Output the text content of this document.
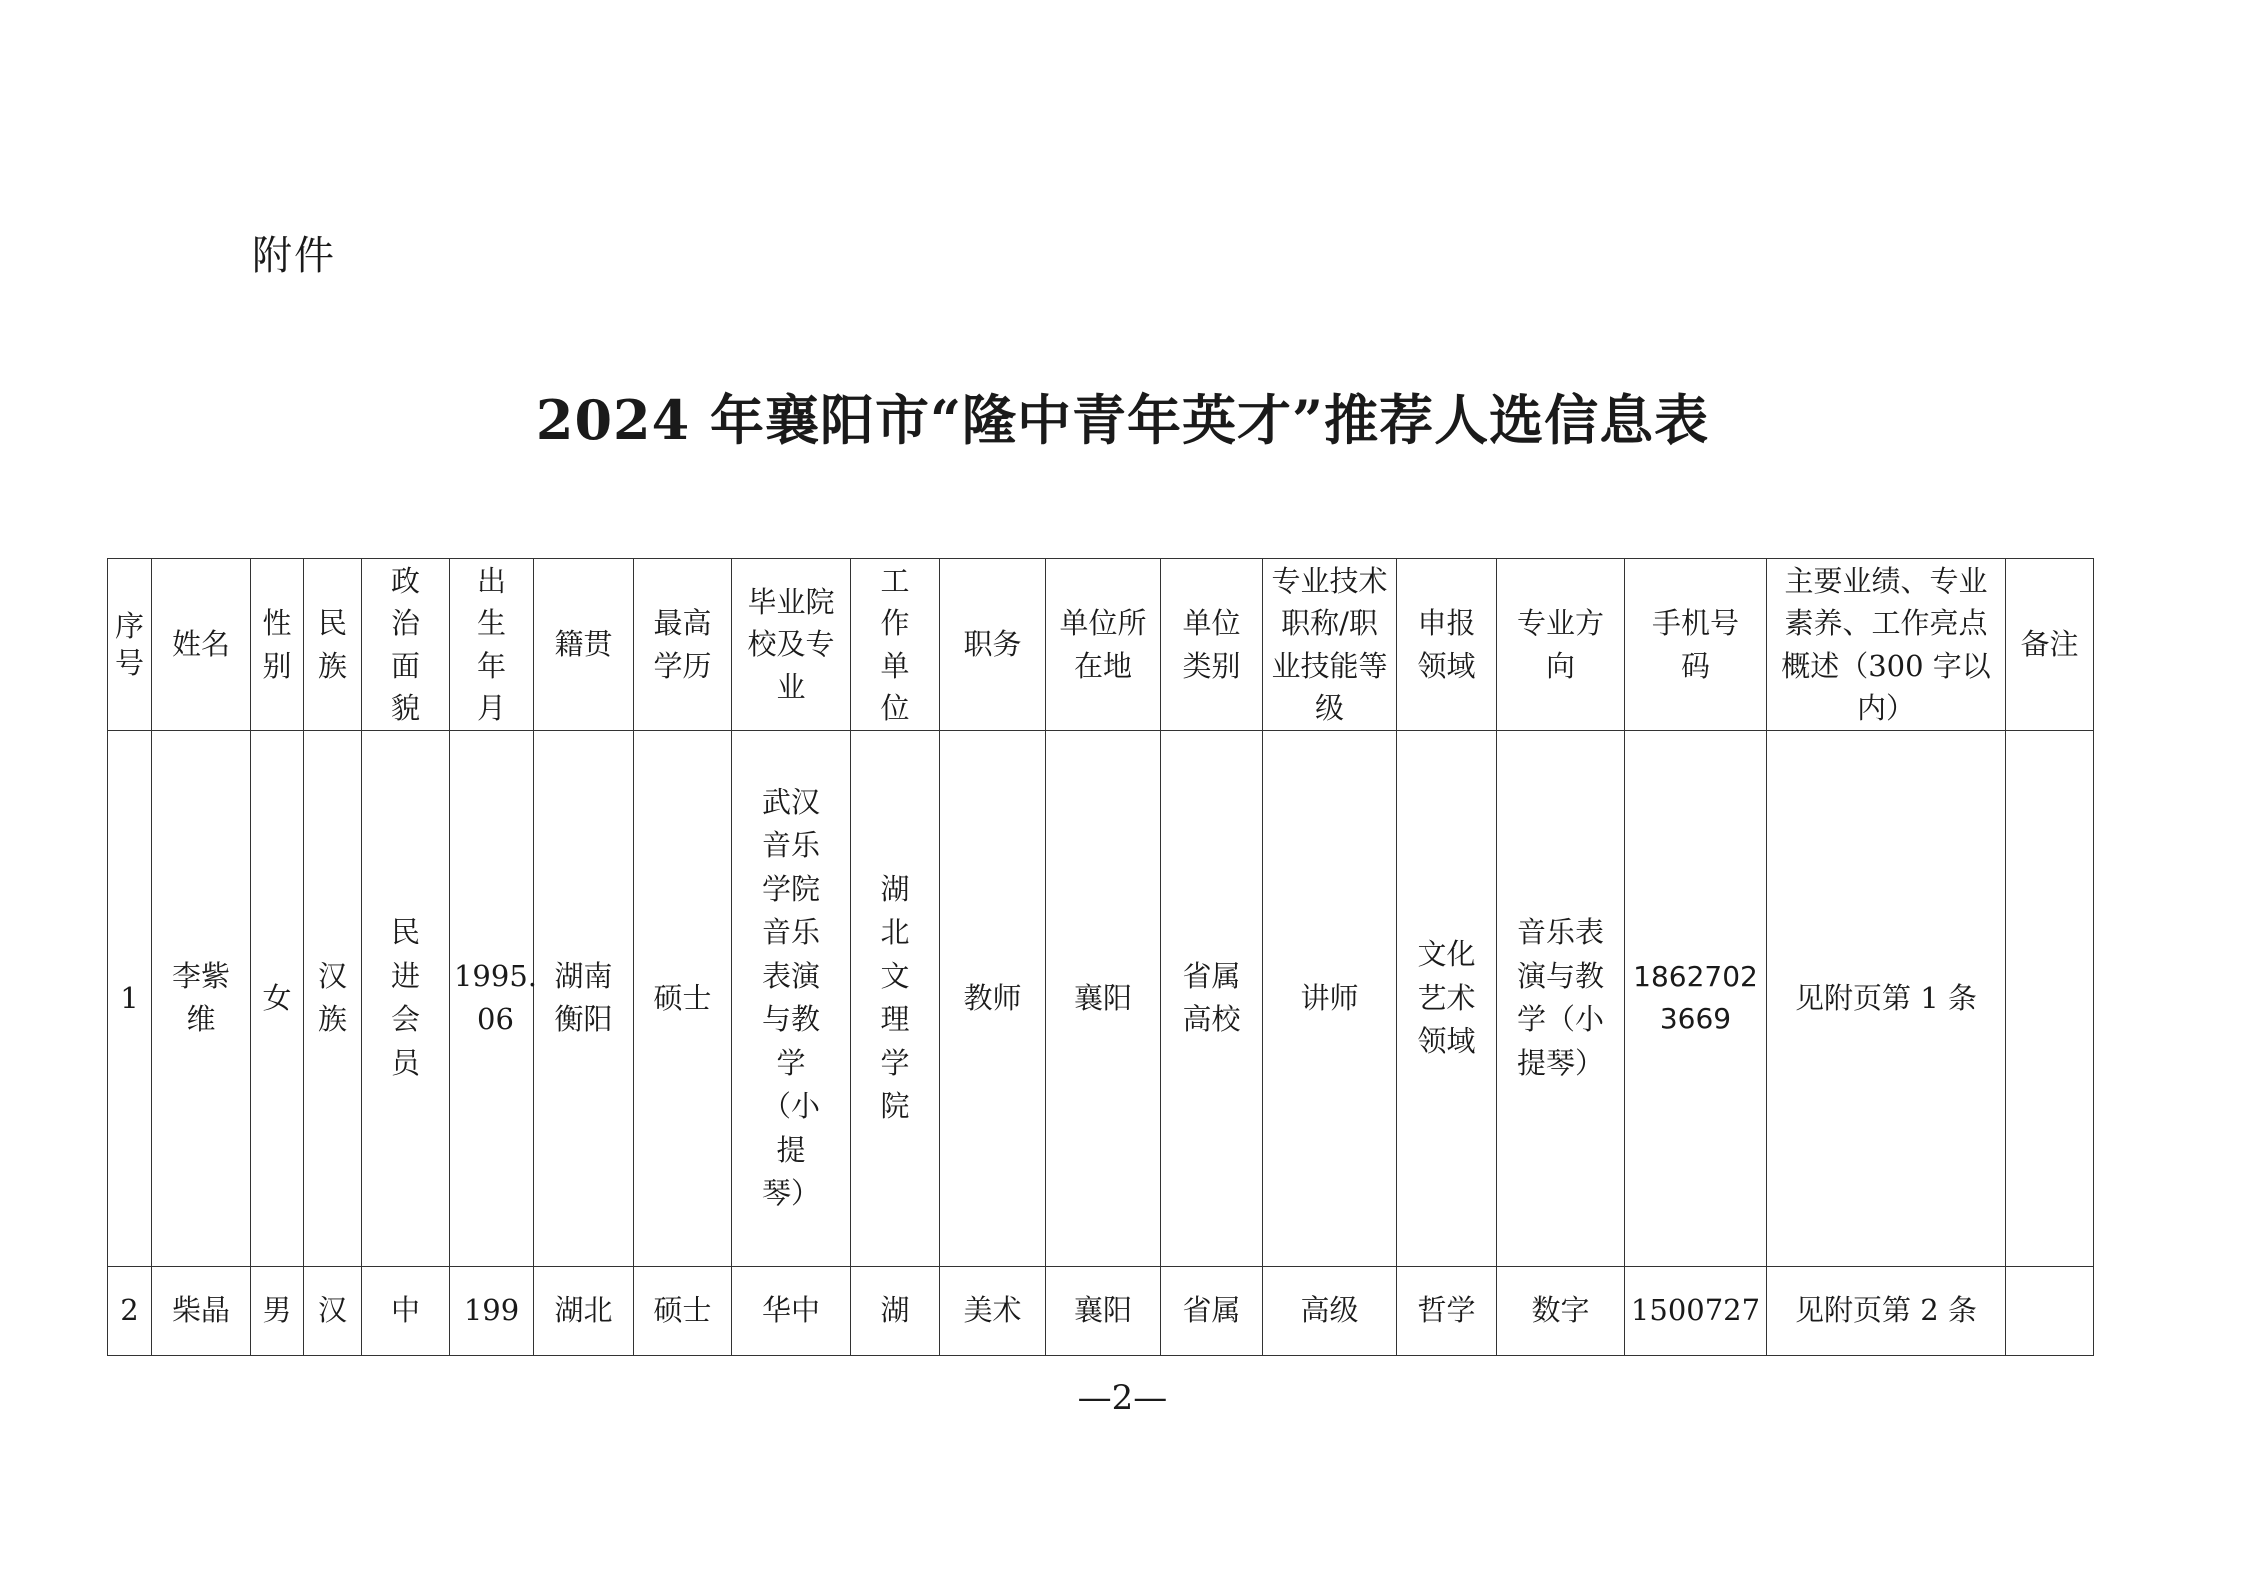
附件
2024 年襄阳市“隆中青年英才”推荐人选信息表
序号	姓名	性别	民族	政治面貌	出生年月	籍贯	最高学历	毕业院校及专业	工作单位	职务	单位所在地	单位类别	专业技术职称/职业技能等级	申报领域	专业方向	手机号码	主要业绩、专业素养、工作亮点概述（300 字以内）	备注
1	李紫维	女	汉族	民进会员	1995.06	湖南衡阳	硕士	武汉音乐学院音乐表演与教学（小提琴）	湖北文理学院	教师	襄阳	省属高校	讲师	文化艺术领域	音乐表演与教学（小提琴）	18627023669	见附页第 1 条	
2	柴晶	男	汉	中	199	湖北	硕士	华中	湖	美术	襄阳	省属	高级	哲学	数字	1500727	见附页第 2 条	
—2—
